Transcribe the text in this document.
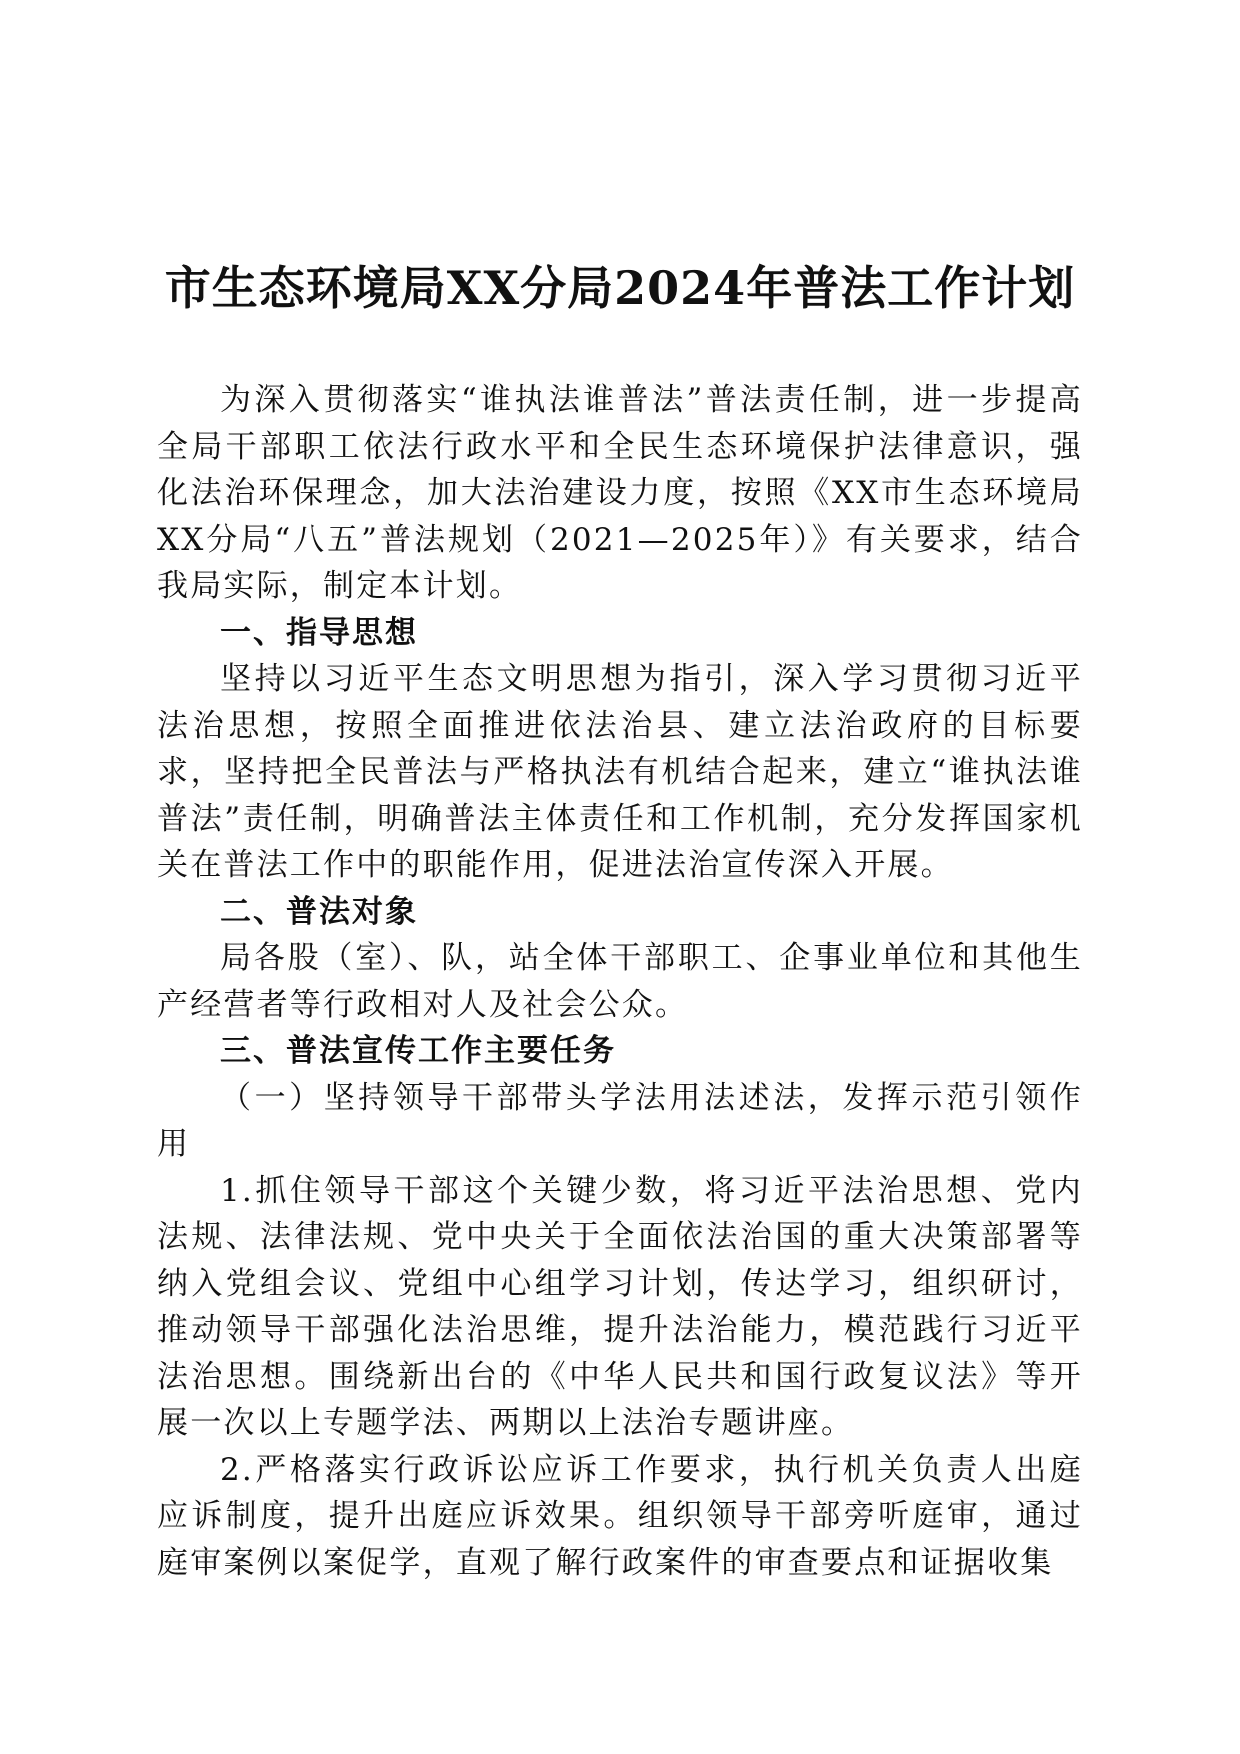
市生态环境局XX分局2024年普法工作计划

为深入贯彻落实“谁执法谁普法”普法责任制，进一步提高全局干部职工依法行政水平和全民生态环境保护法律意识，强化法治环保理念，加大法治建设力度，按照《XX市生态环境局XX分局“八五”普法规划（2021—2025年）》有关要求，结合我局实际，制定本计划。

一、指导思想

坚持以习近平生态文明思想为指引，深入学习贯彻习近平法治思想，按照全面推进依法治县、建立法治政府的目标要求，坚持把全民普法与严格执法有机结合起来，建立“谁执法谁普法”责任制，明确普法主体责任和工作机制，充分发挥国家机关在普法工作中的职能作用，促进法治宣传深入开展。

二、普法对象

局各股（室）、队，站全体干部职工、企事业单位和其他生产经营者等行政相对人及社会公众。

三、普法宣传工作主要任务

（一）坚持领导干部带头学法用法述法，发挥示范引领作用

1.抓住领导干部这个关键少数，将习近平法治思想、党内法规、法律法规、党中央关于全面依法治国的重大决策部署等纳入党组会议、党组中心组学习计划，传达学习，组织研讨，推动领导干部强化法治思维，提升法治能力，模范践行习近平法治思想。围绕新出台的《中华人民共和国行政复议法》等开展一次以上专题学法、两期以上法治专题讲座。

2.严格落实行政诉讼应诉工作要求，执行机关负责人出庭应诉制度，提升出庭应诉效果。组织领导干部旁听庭审，通过庭审案例以案促学，直观了解行政案件的审查要点和证据收集
